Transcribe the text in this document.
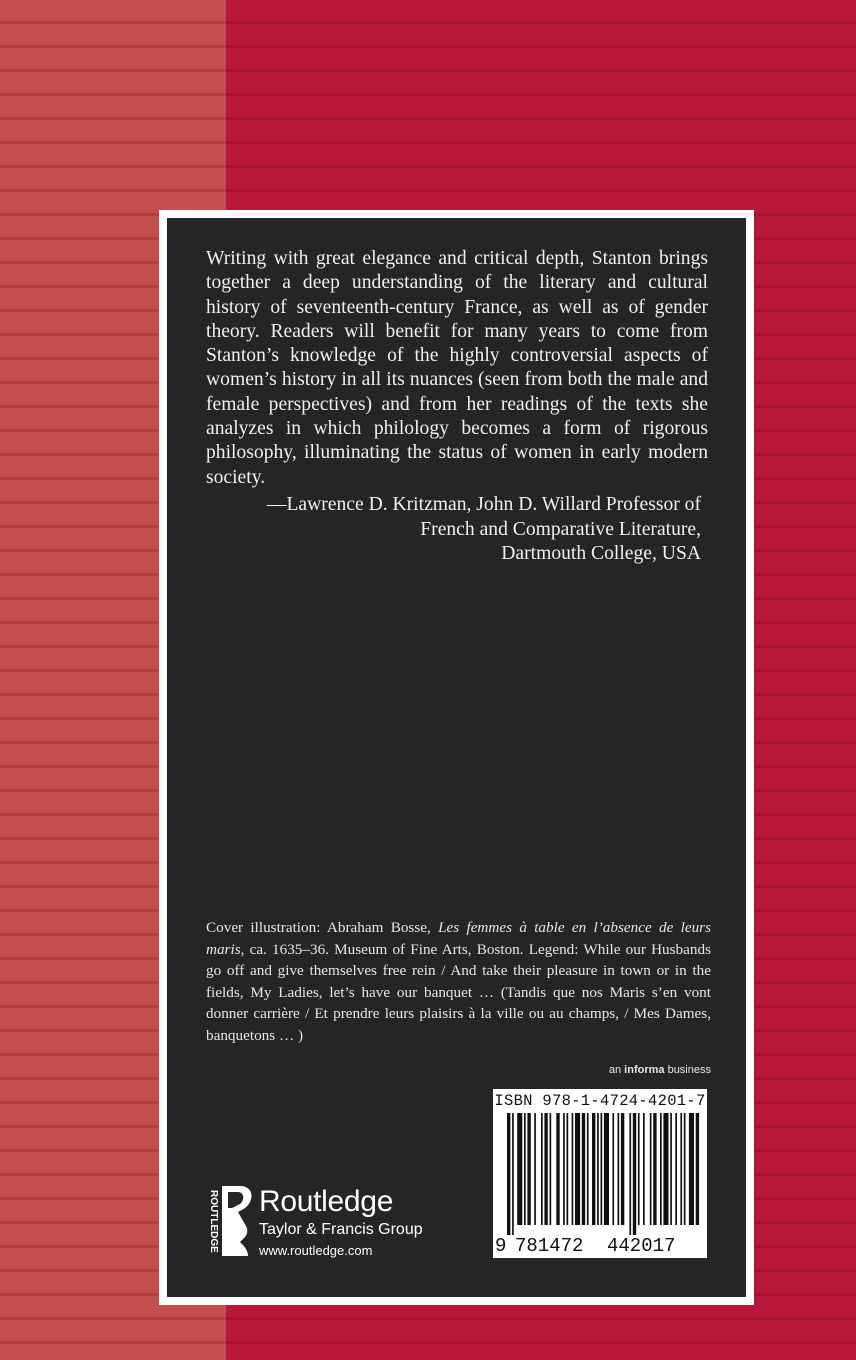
Writing with great elegance and critical depth, Stanton brings together a deep understanding of the literary and cultural history of seventeenth-century France, as well as of gender theory. Readers will benefit for many years to come from Stanton’s knowledge of the highly controversial aspects of women’s history in all its nuances (seen from both the male and female perspectives) and from her readings of the texts she analyzes in which philology becomes a form of rigorous philosophy, illuminating the status of women in early modern society.

—Lawrence D. Kritzman, John D. Willard Professor of
French and Comparative Literature,
Dartmouth College, USA
Cover illustration: Abraham Bosse, Les femmes à table en l’absence de leurs maris, ca. 1635–36. Museum of Fine Arts, Boston. Legend: While our Husbands go off and give themselves free rein / And take their pleasure in town or in the fields, My Ladies, let’s have our banquet … (Tandis que nos Maris s’en vont donner carrière / Et prendre leurs plaisirs à la ville ou au champs, / Mes Dames, banquetons … )
an informa business
ISBN 978-1-4724-4201-7
9 781472 442017
ROUTLEDGE Routledge
Taylor & Francis Group
www.routledge.com
